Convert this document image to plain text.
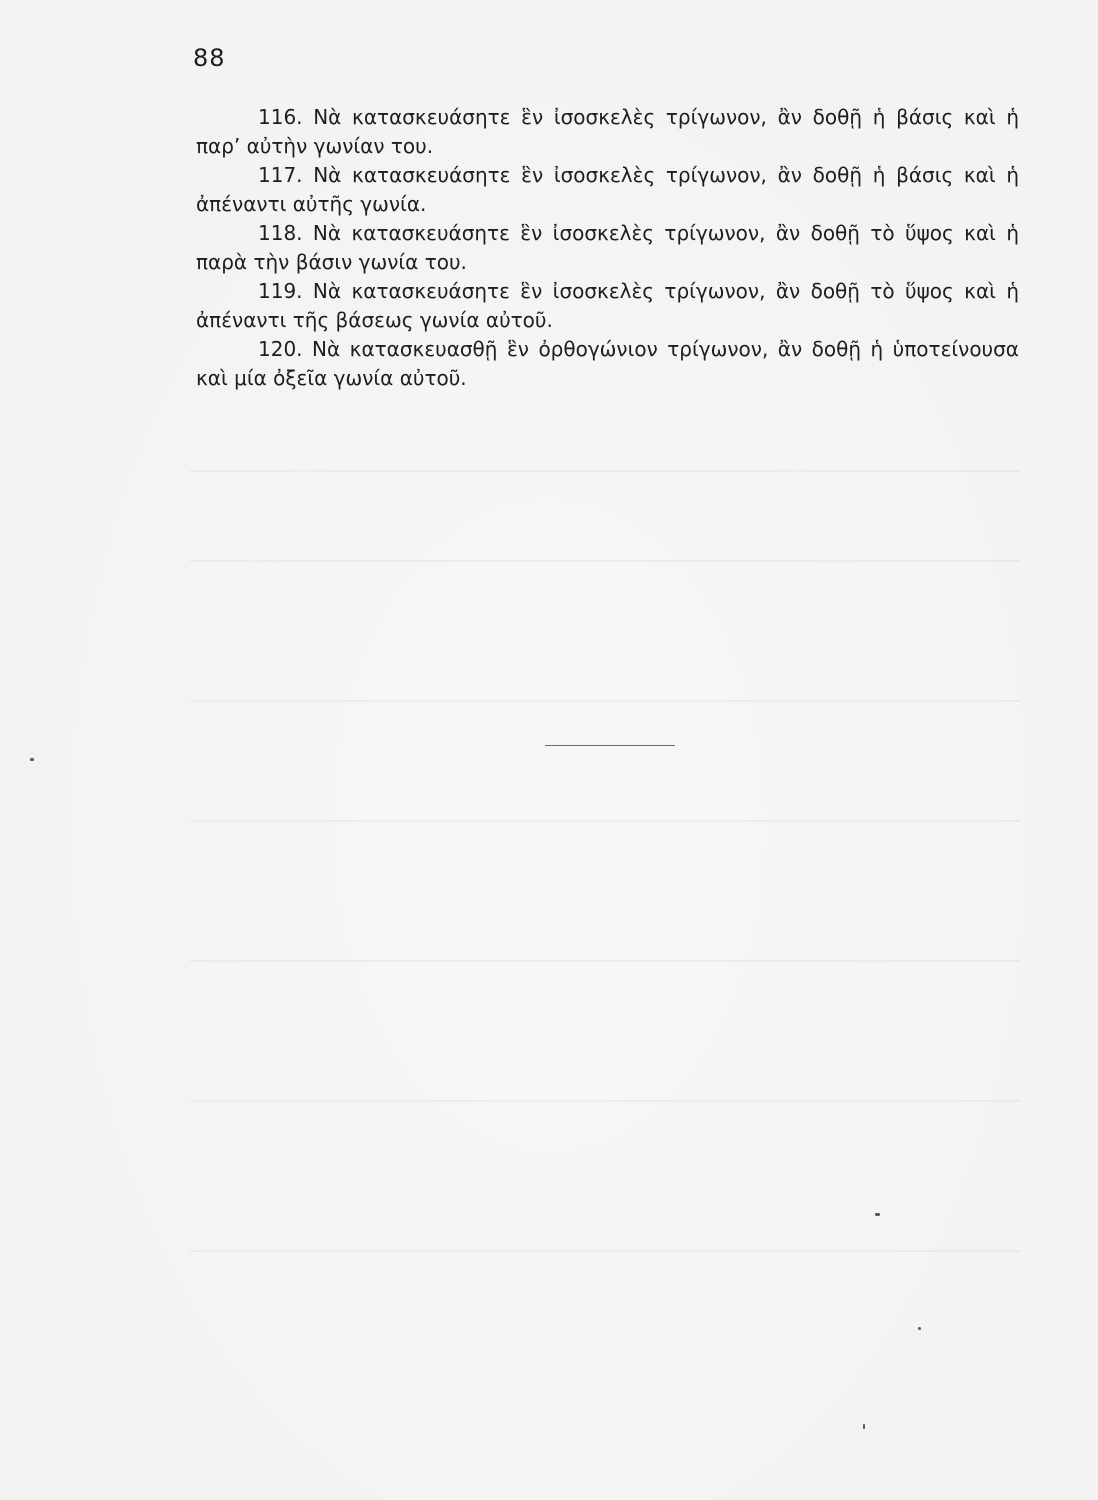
88
116. Νὰ κατασκευάσητε ἓν ἰσοσκελὲς τρίγωνον, ἂν δοθῇ ἡ βάσις καὶ ἡ
παρ’ αὐτὴν γωνίαν του.
117. Νὰ κατασκευάσητε ἓν ἰσοσκελὲς τρίγωνον, ἂν δοθῇ ἡ βάσις καὶ ἡ
ἀπέναντι αὐτῆς γωνία.
118. Νὰ κατασκευάσητε ἓν ἰσοσκελὲς τρίγωνον, ἂν δοθῇ τὸ ὕψος καὶ ἡ
παρὰ τὴν βάσιν γωνία του.
119. Νὰ κατασκευάσητε ἓν ἰσοσκελὲς τρίγωνον, ἂν δοθῇ τὸ ὕψος καὶ ἡ
ἀπέναντι τῆς βάσεως γωνία αὐτοῦ.
120. Νὰ κατασκευασθῇ ἓν ὀρθογώνιον τρίγωνον, ἂν δοθῇ ἡ ὑποτείνουσα
καὶ μία ὀξεῖα γωνία αὐτοῦ.
